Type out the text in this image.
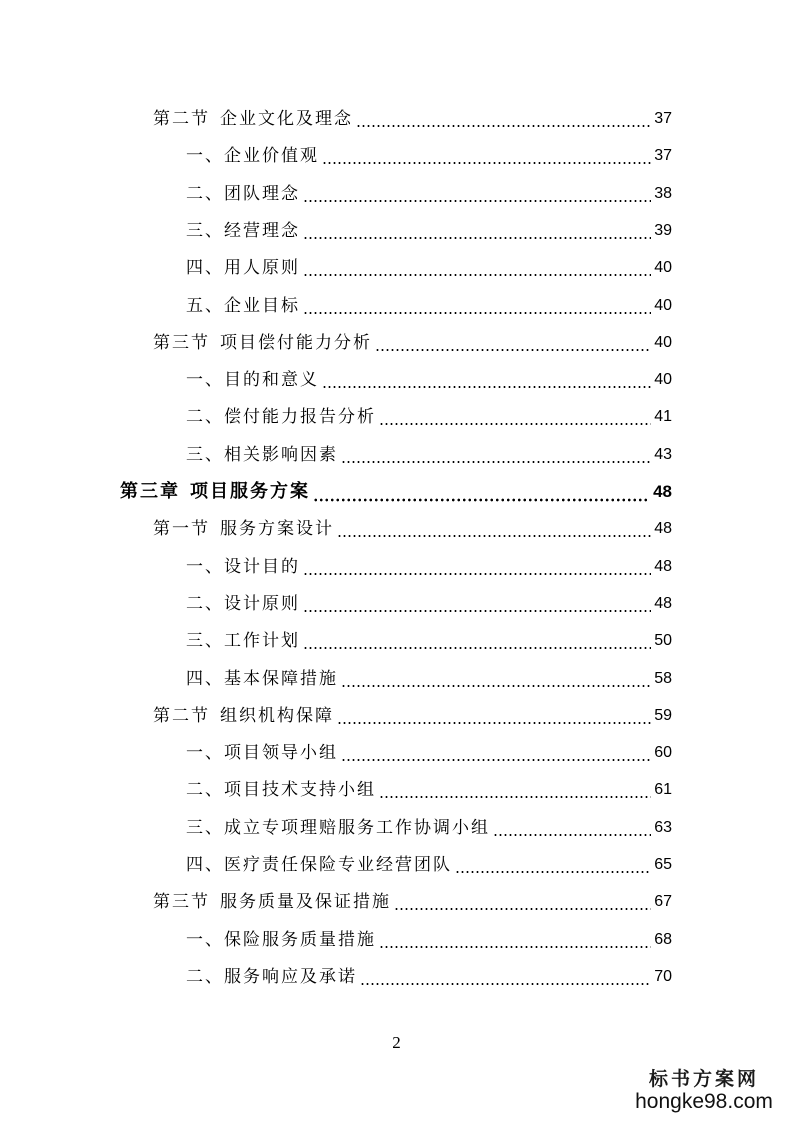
第二节 企业文化及理念	37
一、企业价值观	37
二、团队理念	38
三、经营理念	39
四、用人原则	40
五、企业目标	40
第三节 项目偿付能力分析	40
一、目的和意义	40
二、偿付能力报告分析	41
三、相关影响因素	43
第三章 项目服务方案	48
第一节 服务方案设计	48
一、设计目的	48
二、设计原则	48
三、工作计划	50
四、基本保障措施	58
第二节 组织机构保障	59
一、项目领导小组	60
二、项目技术支持小组	61
三、成立专项理赔服务工作协调小组	63
四、医疗责任保险专业经营团队	65
第三节 服务质量及保证措施	67
一、保险服务质量措施	68
二、服务响应及承诺	70
2
标书方案网
hongke98.com
